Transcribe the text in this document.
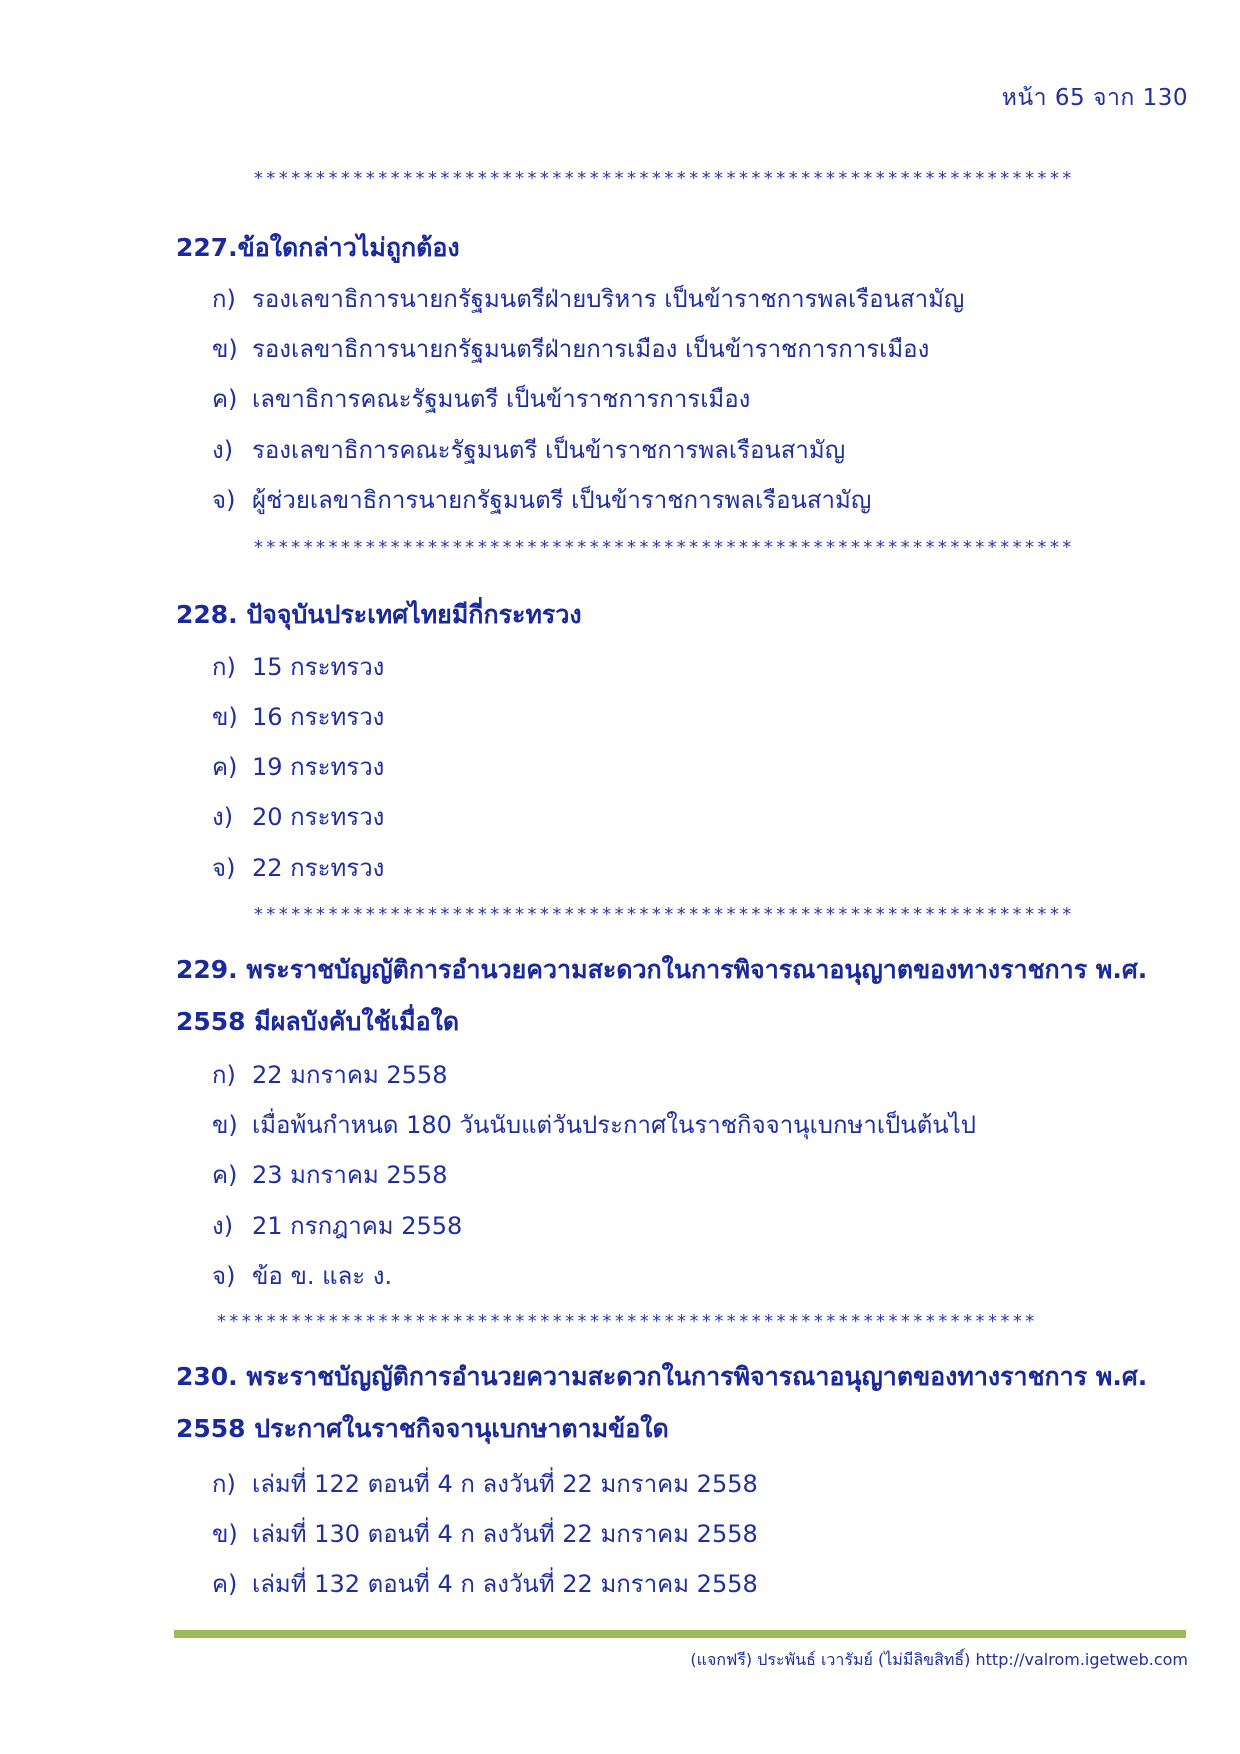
หน้า 65 จาก 130
******************************************************************
227.ข้อใดกล่าวไม่ถูกต้อง
ก) รองเลขาธิการนายกรัฐมนตรีฝ่ายบริหาร เป็นข้าราชการพลเรือนสามัญ
ข) รองเลขาธิการนายกรัฐมนตรีฝ่ายการเมือง เป็นข้าราชการการเมือง
ค) เลขาธิการคณะรัฐมนตรี เป็นข้าราชการการเมือง
ง) รองเลขาธิการคณะรัฐมนตรี เป็นข้าราชการพลเรือนสามัญ
จ) ผู้ช่วยเลขาธิการนายกรัฐมนตรี เป็นข้าราชการพลเรือนสามัญ
******************************************************************
228. ปัจจุบันประเทศไทยมีกี่กระทรวง
ก) 15 กระทรวง
ข) 16 กระทรวง
ค) 19 กระทรวง
ง) 20 กระทรวง
จ) 22 กระทรวง
******************************************************************
229. พระราชบัญญัติการอำนวยความสะดวกในการพิจารณาอนุญาตของทางราชการ พ.ศ. 2558 มีผลบังคับใช้เมื่อใด
ก) 22 มกราคม 2558
ข) เมื่อพ้นกำหนด 180 วันนับแต่วันประกาศในราชกิจจานุเบกษาเป็นต้นไป
ค) 23 มกราคม 2558
ง) 21 กรกฎาคม 2558
จ) ข้อ ข. และ ง.
******************************************************************
230. พระราชบัญญัติการอำนวยความสะดวกในการพิจารณาอนุญาตของทางราชการ พ.ศ. 2558 ประกาศในราชกิจจานุเบกษาตามข้อใด
ก) เล่มที่ 122 ตอนที่ 4 ก ลงวันที่ 22 มกราคม 2558
ข) เล่มที่ 130 ตอนที่ 4 ก ลงวันที่ 22 มกราคม 2558
ค) เล่มที่ 132 ตอนที่ 4 ก ลงวันที่ 22 มกราคม 2558
(แจกฟรี) ประพันธ์ เวารัมย์ (ไม่มีลิขสิทธิ์) http://valrom.igetweb.com
